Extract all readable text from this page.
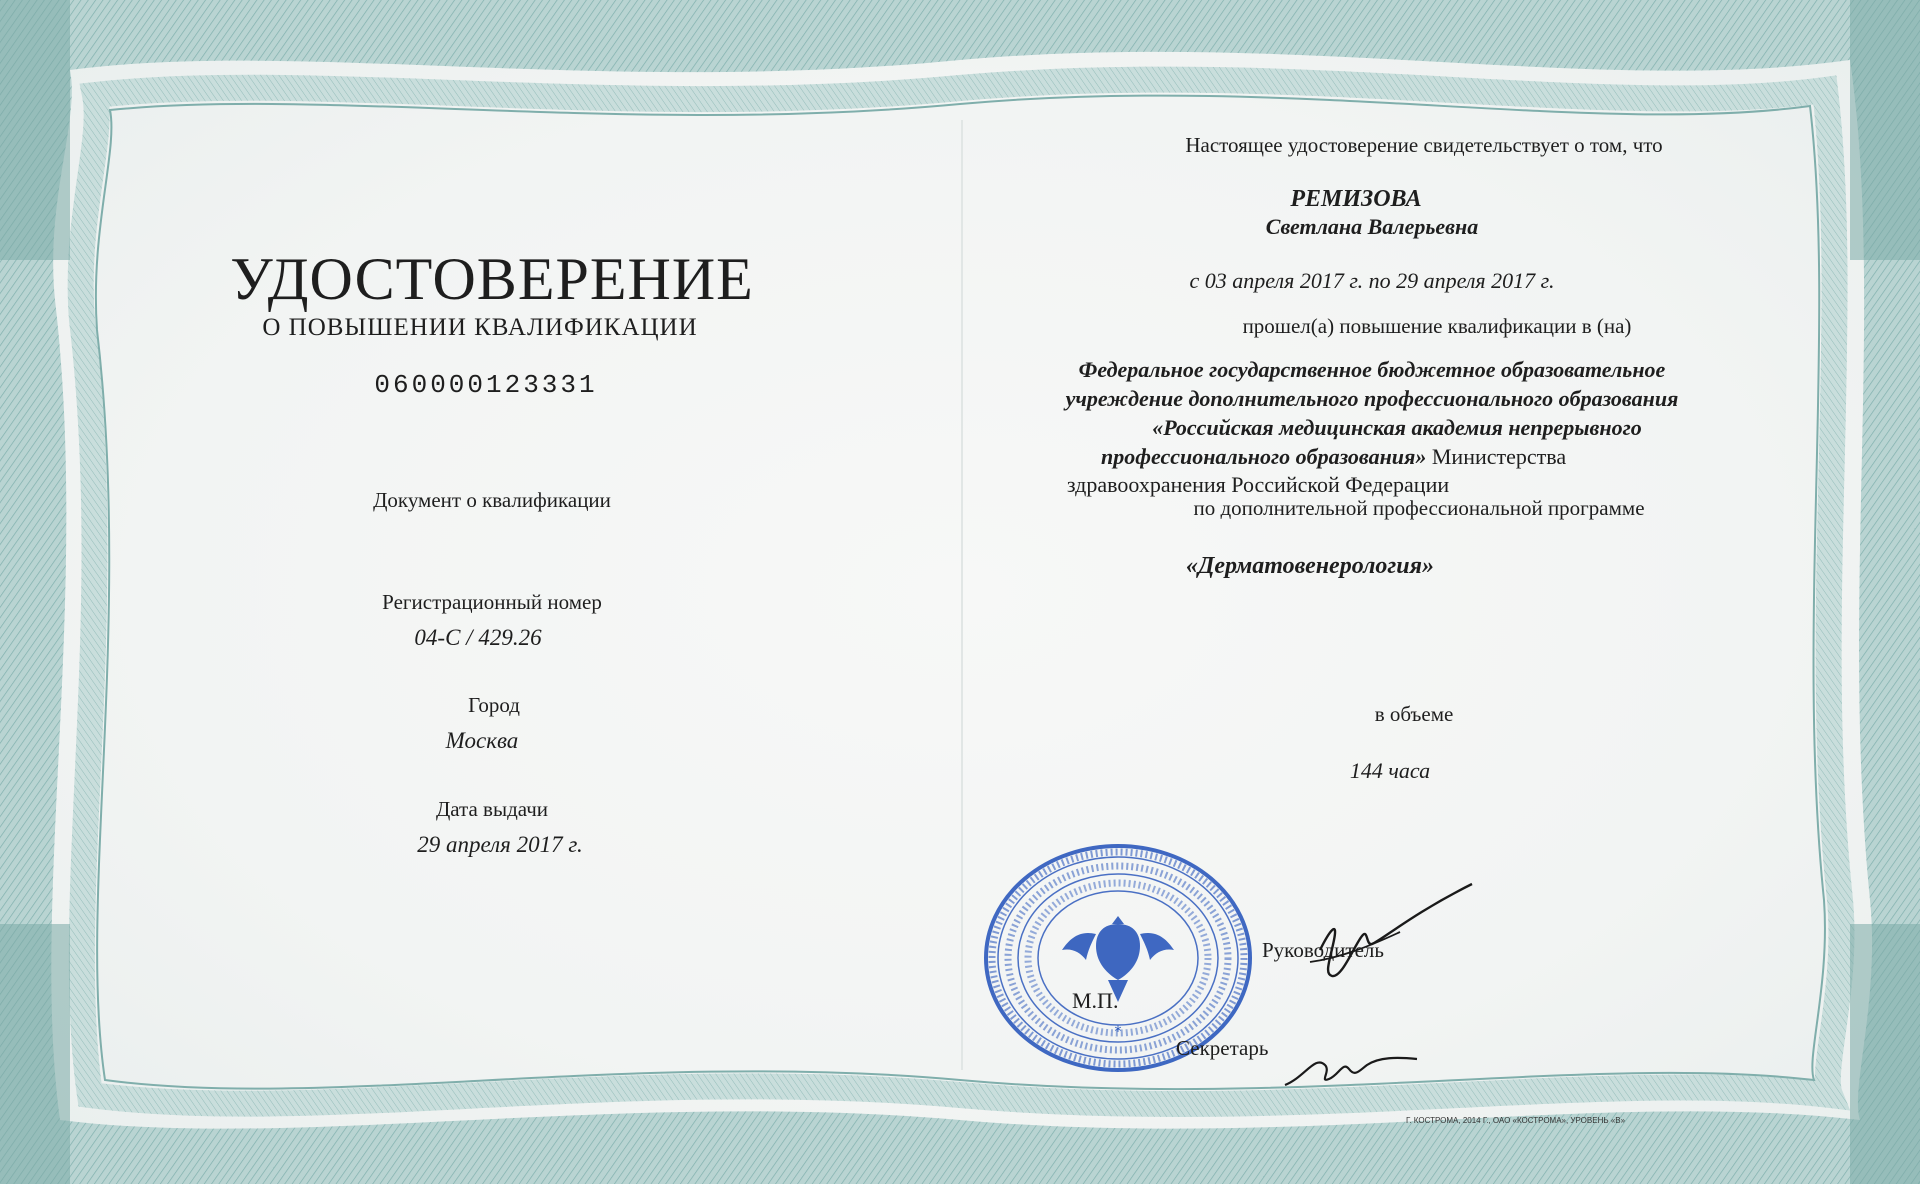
УДОСТОВЕРЕНИЕ
О ПОВЫШЕНИИ КВАЛИФИКАЦИИ
060000123331
Документ о квалификации
Регистрационный номер
04-С / 429.26
Город
Москва
Дата выдачи
29 апреля 2017 г.
Настоящее удостоверение свидетельствует о том, что
РЕМИЗОВА
Светлана Валерьевна
с 03 апреля 2017 г. по 29 апреля 2017 г.
прошел(а) повышение квалификации в (на)
Федеральное государственное бюджетное образовательное
учреждение дополнительного профессионального образования
«Российская медицинская академия непрерывного
профессионального образования» Министерства
здравоохранения Российской Федерации
по дополнительной профессиональной программе
«Дерматовенерология»
в объеме
144 часа
*
Руководитель
М.П.
Секретарь
Г. КОСТРОМА, 2014 Г., ОАО «КОСТРОМА», УРОВЕНЬ «В»
